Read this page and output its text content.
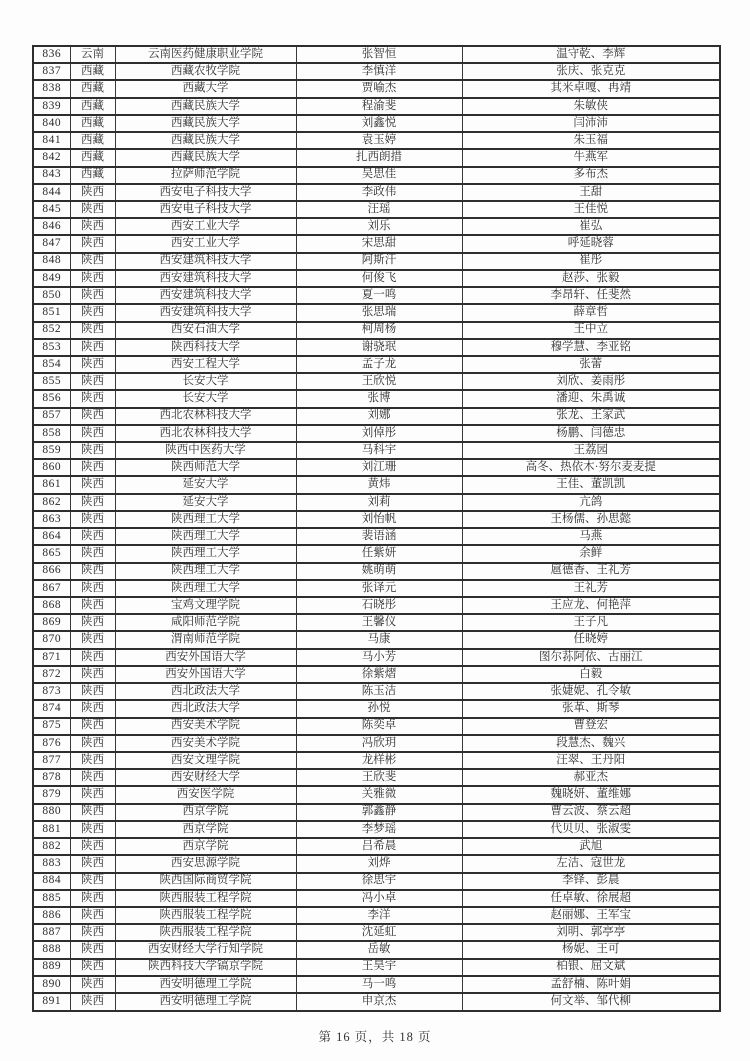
836	云南	云南医药健康职业学院	张智恒	温守乾、李辉
837	西藏	西藏农牧学院	李慎洋	张庆、张克克
838	西藏	西藏大学	贾喻杰	其米卓嘎、冉靖
839	西藏	西藏民族大学	程渝斐	朱敏侠
840	西藏	西藏民族大学	刘鑫悦	闫沛沛
841	西藏	西藏民族大学	袁玉婷	朱玉福
842	西藏	西藏民族大学	扎西朗措	牛燕军
843	西藏	拉萨师范学院	吴思佳	多布杰
844	陕西	西安电子科技大学	李政伟	王甜
845	陕西	西安电子科技大学	汪瑶	王佳悦
846	陕西	西安工业大学	刘乐	崔弘
847	陕西	西安工业大学	宋思甜	呼延晓蓉
848	陕西	西安建筑科技大学	阿斯汗	崔彤
849	陕西	西安建筑科技大学	何俊飞	赵莎、张毅
850	陕西	西安建筑科技大学	夏一鸣	李昂轩、任斐然
851	陕西	西安建筑科技大学	张思瑞	薛章哲
852	陕西	西安石油大学	柯周杨	王中立
853	陕西	陕西科技大学	谢骁珉	穆学慧、李亚铭
854	陕西	西安工程大学	孟子龙	张蕾
855	陕西	长安大学	王欣悦	刘欣、姜雨彤
856	陕西	长安大学	张博	潘迎、朱禹诚
857	陕西	西北农林科技大学	刘娜	张龙、王家武
858	陕西	西北农林科技大学	刘倬彤	杨鹏、闫德忠
859	陕西	陕西中医药大学	马科宇	王荔园
860	陕西	陕西师范大学	刘江珊	高冬、热依木·努尔麦麦提
861	陕西	延安大学	黄炜	王佳、董凯凯
862	陕西	延安大学	刘莉	亢鸽
863	陕西	陕西理工大学	刘怡帆	王杨儒、孙思懿
864	陕西	陕西理工大学	裴语涵	马燕
865	陕西	陕西理工大学	任紫妍	余鲜
866	陕西	陕西理工大学	姚萌萌	扈德香、王礼芳
867	陕西	陕西理工大学	张译元	王礼芳
868	陕西	宝鸡文理学院	石晓彤	王应龙、何艳萍
869	陕西	咸阳师范学院	王馨仪	王子凡
870	陕西	渭南师范学院	马康	任晓婷
871	陕西	西安外国语大学	马小芳	图尔荪阿依、古丽江
872	陕西	西安外国语大学	徐紫熠	白毅
873	陕西	西北政法大学	陈玉洁	张婕妮、孔令敏
874	陕西	西北政法大学	孙悦	张革、斯琴
875	陕西	西安美术学院	陈奕卓	曹登宏
876	陕西	西安美术学院	冯欣玥	段慧杰、魏兴
877	陕西	西安文理学院	龙样彬	汪翠、王丹阳
878	陕西	西安财经大学	王欣斐	郝亚杰
879	陕西	西安医学院	关雅微	魏晓妍、董维娜
880	陕西	西京学院	郭鑫静	曹云波、蔡云超
881	陕西	西京学院	李梦瑶	代贝贝、张淑雯
882	陕西	西京学院	吕希晨	武旭
883	陕西	西安思源学院	刘烨	左洁、寇世龙
884	陕西	陕西国际商贸学院	徐思宇	李铎、彭晨
885	陕西	陕西服装工程学院	冯小卓	任卓敏、徐展超
886	陕西	陕西服装工程学院	李洋	赵丽娜、王军宝
887	陕西	陕西服装工程学院	沈延虹	刘明、郭亭亭
888	陕西	西安财经大学行知学院	岳敏	杨妮、王可
889	陕西	陕西科技大学镐京学院	王昊宇	柏银、屈文斌
890	陕西	西安明德理工学院	马一鸣	孟舒楠、陈叶娟
891	陕西	西安明德理工学院	申京杰	何文举、邹代柳
第 16 页，共 18 页
